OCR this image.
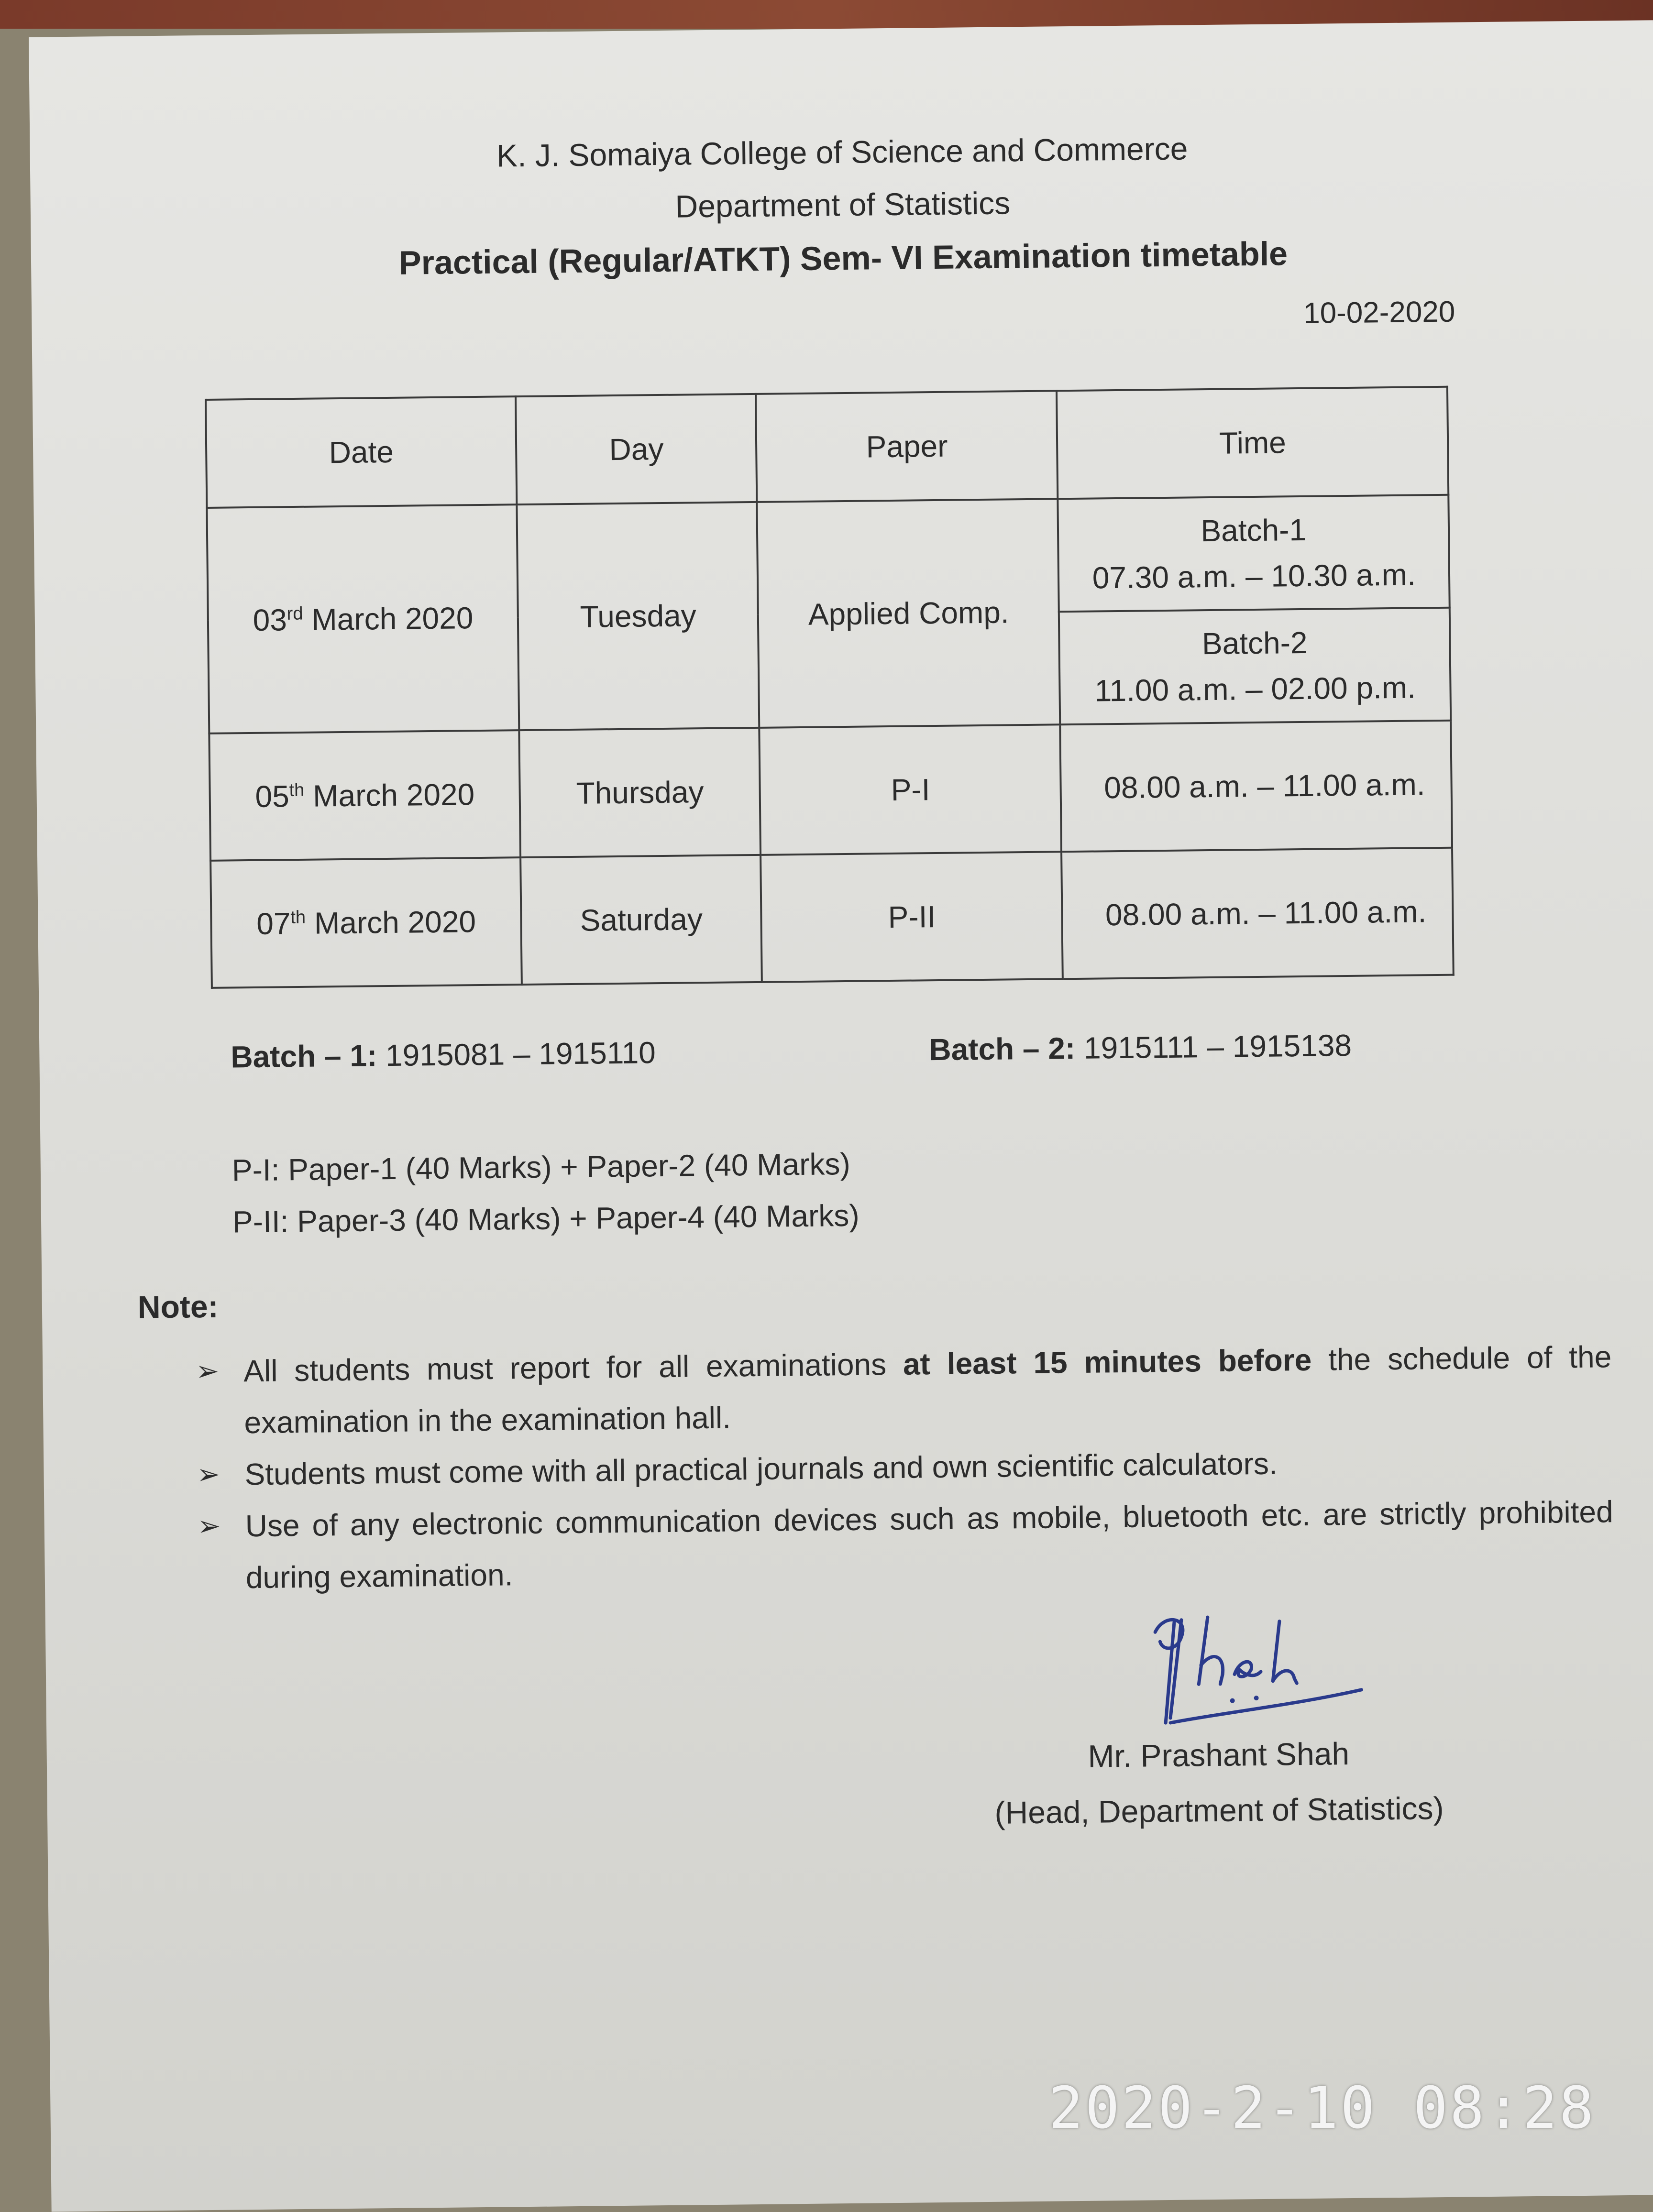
K. J. Somaiya College of Science and Commerce
Department of Statistics
Practical (Regular/ATKT) Sem- VI Examination timetable
10-02-2020
Date	Day	Paper	Time
03rd March 2020	Tuesday	Applied Comp.	Batch-1
07.30 a.m. – 10.30 a.m.
			Batch-2
11.00 a.m. – 02.00 p.m.
05th March 2020	Thursday	P-I	08.00 a.m. – 11.00 a.m.
07th March 2020	Saturday	P-II	08.00 a.m. – 11.00 a.m.
Batch – 1: 1915081 – 1915110	Batch – 2: 1915111 – 1915138
P-I: Paper-1 (40 Marks) + Paper-2 (40 Marks)
P-II: Paper-3 (40 Marks) + Paper-4 (40 Marks)
Note:
➢ All students must report for all examinations at least 15 minutes before the schedule of the examination in the examination hall.
➢ Students must come with all practical journals and own scientific calculators.
➢ Use of any electronic communication devices such as mobile, bluetooth etc. are strictly prohibited during examination.
Mr. Prashant Shah
(Head, Department of Statistics)
2020-2-10 08:28
